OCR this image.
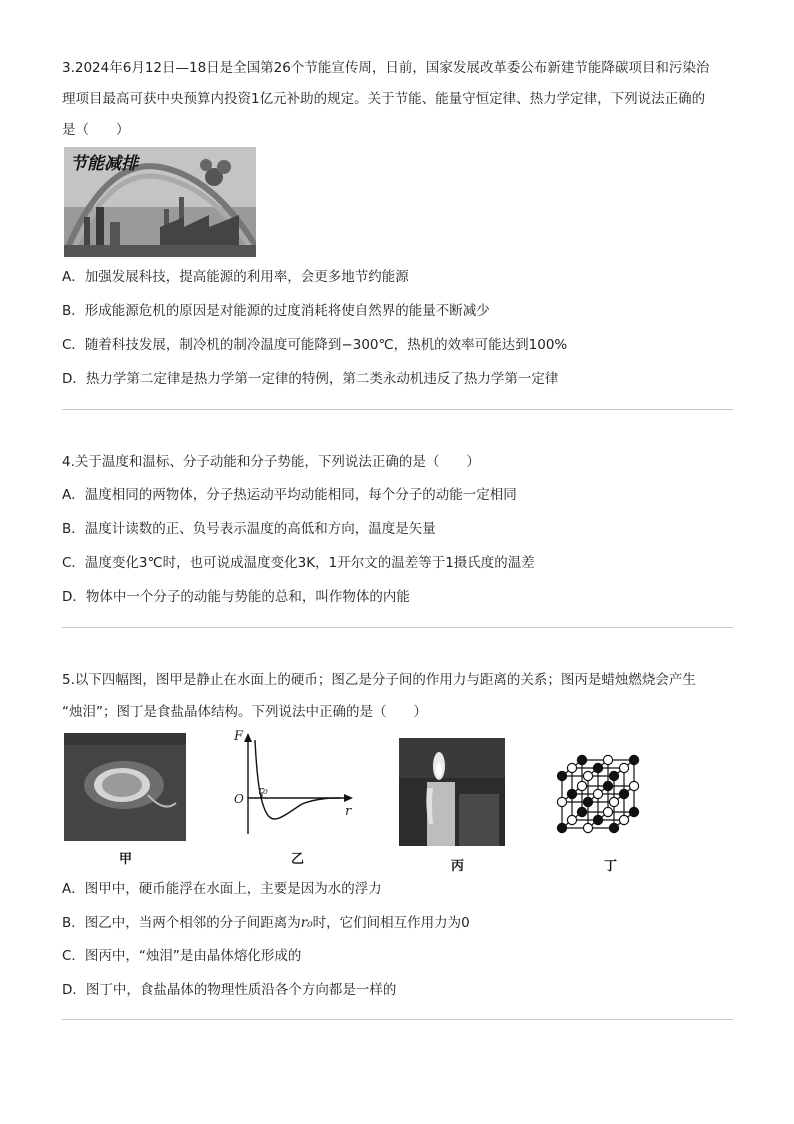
3.2024年6月12日—18日是全国第26个节能宣传周，日前，国家发展改革委公布新建节能降碳项目和污染治
理项目最高可获中央预算内投资1亿元补助的规定。关于节能、能量守恒定律、热力学定律，下列说法正确的
是（　　）
节能减排
A．加强发展科技，提高能源的利用率，会更多地节约能源
B．形成能源危机的原因是对能源的过度消耗将使自然界的能量不断减少
C．随着科技发展，制冷机的制冷温度可能降到−300℃，热机的效率可能达到100%
D．热力学第二定律是热力学第一定律的特例，第二类永动机违反了热力学第一定律
4.关于温度和温标、分子动能和分子势能，下列说法正确的是（　　）
A．温度相同的两物体，分子热运动平均动能相同，每个分子的动能一定相同
B．温度计读数的正、负号表示温度的高低和方向，温度是矢量
C．温度变化3℃时，也可说成温度变化3K，1开尔文的温差等于1摄氏度的温差
D．物体中一个分子的动能与势能的总和，叫作物体的内能
5.以下四幅图，图甲是静止在水面上的硬币；图乙是分子间的作用力与距离的关系；图丙是蜡烛燃烧会产生
“烛泪”；图丁是食盐晶体结构。下列说法中正确的是（　　）
甲
F
O
r₀
r
乙	丙	丁
A．图甲中，硬币能浮在水面上，主要是因为水的浮力
B．图乙中，当两个相邻的分子间距离为r₀时，它们间相互作用力为0
C．图丙中，“烛泪”是由晶体熔化形成的
D．图丁中，食盐晶体的物理性质沿各个方向都是一样的
